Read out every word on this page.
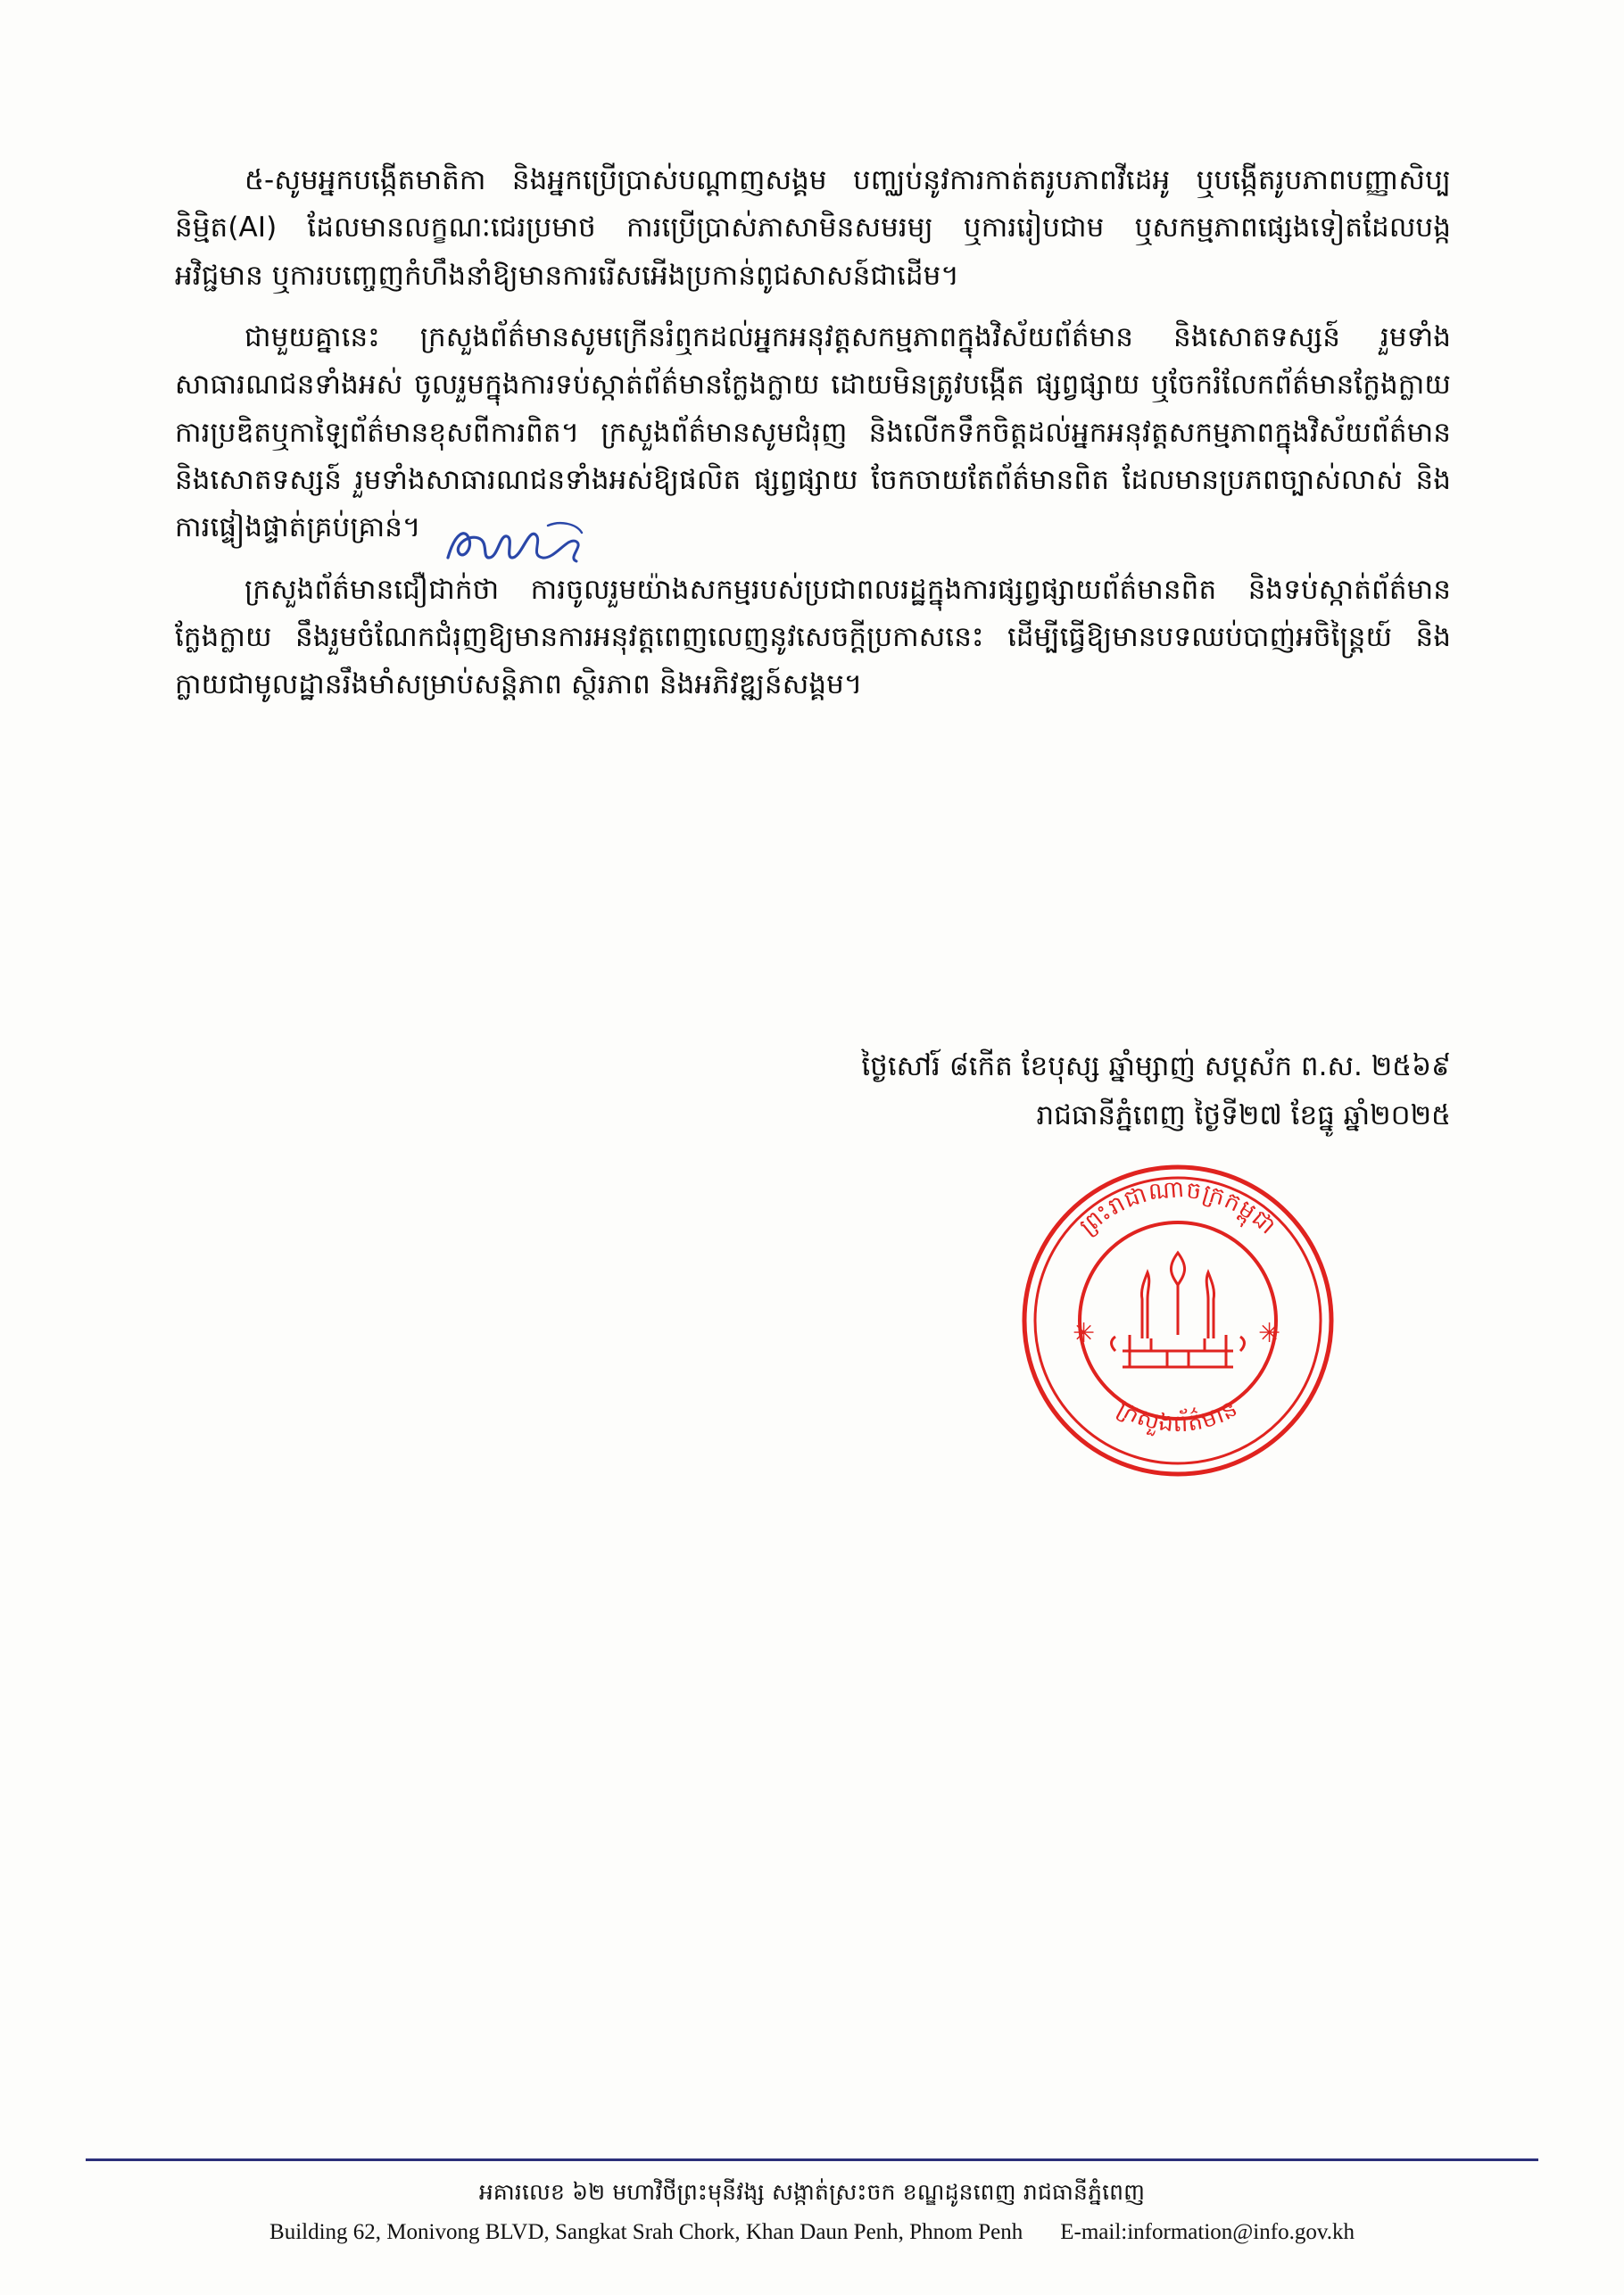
៥-សូមអ្នកបង្កើតមាតិកា និងអ្នកប្រើប្រាស់បណ្ដាញសង្គម បញ្ឈប់នូវការកាត់តរូបភាពវីដេអូ ឬបង្កើតរូបភាពបញ្ញាសិប្បនិម្មិត(AI) ដែលមានលក្ខណៈជេរប្រមាថ ការប្រើប្រាស់ភាសាមិនសមរម្យ ឬការរៀបជាម ឬសកម្មភាពផ្សេងទៀតដែលបង្កអវិជ្ជមាន ឬការបញ្ចេញកំហឹងនាំឱ្យមានការរើសអើងប្រកាន់ពូជសាសន៍ជាដើម។

ជាមួយគ្នានេះ ក្រសួងព័ត៌មានសូមក្រើនរំឮកដល់អ្នកអនុវត្តសកម្មភាពក្នុងវិស័យព័ត៌មាន និងសោតទស្សន៍ រួមទាំងសាធារណជនទាំងអស់ ចូលរួមក្នុងការទប់ស្កាត់ព័ត៌មានក្លែងក្លាយ ដោយមិនត្រូវបង្កើត ផ្សព្វផ្សាយ ឬចែករំលែកព័ត៌មានក្លែងក្លាយ ការប្រឌិតឬកាឡៃព័ត៌មានខុសពីការពិត។ ក្រសួងព័ត៌មានសូមជំរុញ និងលើកទឹកចិត្តដល់អ្នកអនុវត្តសកម្មភាពក្នុងវិស័យព័ត៌មាននិងសោតទស្សន៍ រួមទាំងសាធារណជនទាំងអស់ឱ្យផលិត ផ្សព្វផ្សាយ ចែកចាយតែព័ត៌មានពិត ដែលមានប្រភពច្បាស់លាស់ និងការផ្ទៀងផ្ទាត់គ្រប់គ្រាន់។

ក្រសួងព័ត៌មានជឿជាក់ថា ការចូលរួមយ៉ាងសកម្មរបស់ប្រជាពលរដ្ឋក្នុងការផ្សព្វផ្សាយព័ត៌មានពិត និងទប់ស្កាត់ព័ត៌មានក្លែងក្លាយ នឹងរួមចំណែកជំរុញឱ្យមានការអនុវត្តពេញលេញនូវសេចក្ដីប្រកាសនេះ ដើម្បីធ្វើឱ្យមានបទឈប់បាញ់អចិន្ត្រៃយ៍ និងក្លាយជាមូលដ្ឋានរឹងមាំសម្រាប់សន្តិភាព ស្ថិរភាព និងអភិវឌ្ឍន៍សង្គម។

ថ្ងៃសៅរ៍ ៨កើត ខែបុស្ស ឆ្នាំម្សាញ់ សប្ដស័ក ព.ស. ២៥៦៩
រាជធានីភ្នំពេញ ថ្ងៃទី២៧ ខែធ្នូ ឆ្នាំ២០២៥
ព្រះរាជាណាចក្រកម្ពុជា
ក្រសួងព័ត៌មាន
✳	✳
អគារលេខ ៦២ មហាវិថីព្រះមុនីវង្ស សង្កាត់ស្រះចក ខណ្ឌដូនពេញ រាជធានីភ្នំពេញ
Building 62, Monivong BLVD, Sangkat Srah Chork, Khan Daun Penh, Phnom Penh E-mail:information@info.gov.kh
